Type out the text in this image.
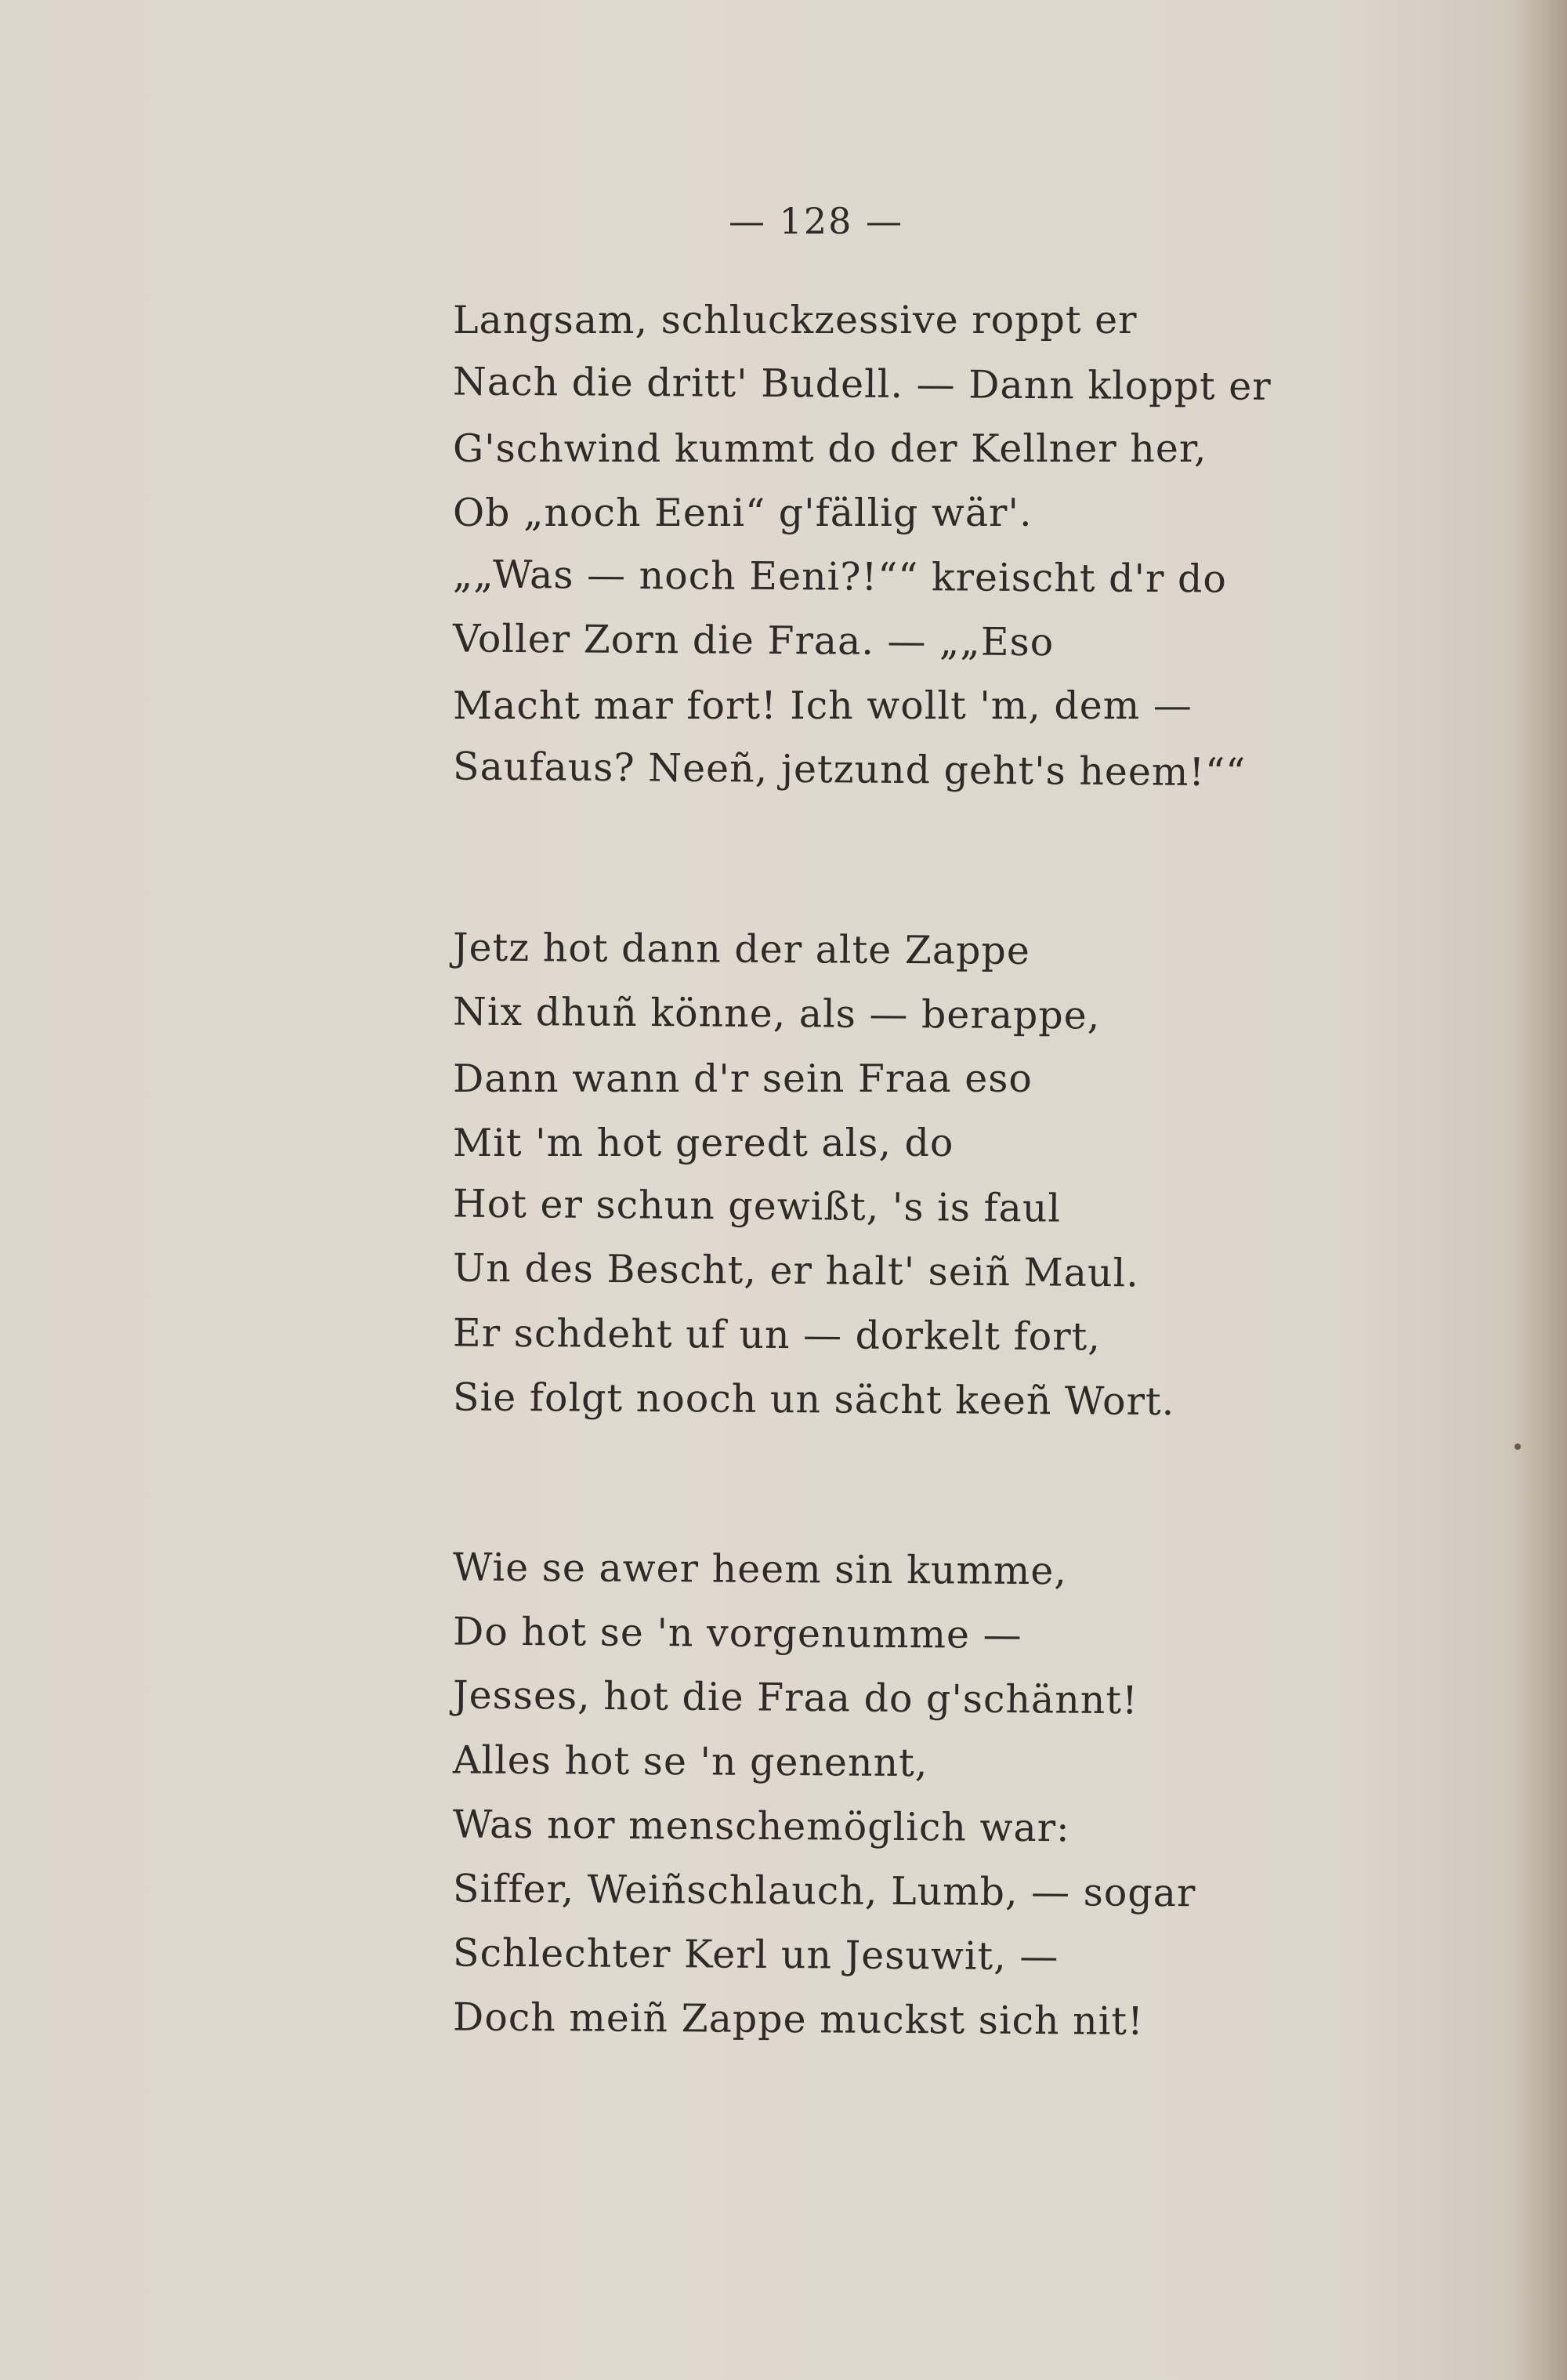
— 128 —
Langsam, schluckzessive roppt er
Nach die dritt' Budell. — Dann kloppt er
G'schwind kummt do der Kellner her,
Ob „noch Eeni“ g'fällig wär'.
„„Was — noch Eeni?!““ kreischt d'r do
Voller Zorn die Fraa. — „„Eso
Macht mar fort! Ich wollt 'm, dem —
Saufaus? Neeñ, jetzund geht's heem!““
Jetz hot dann der alte Zappe
Nix dhuñ könne, als — berappe,
Dann wann d'r sein Fraa eso
Mit 'm hot geredt als, do
Hot er schun gewißt, 's is faul
Un des Bescht, er halt' seiñ Maul.
Er schdeht uf un — dorkelt fort,
Sie folgt nooch un sächt keeñ Wort.
Wie se awer heem sin kumme,
Do hot se 'n vorgenumme —
Jesses, hot die Fraa do g'schännt!
Alles hot se 'n genennt,
Was nor menschemöglich war:
Siffer, Weiñschlauch, Lumb, — sogar
Schlechter Kerl un Jesuwit, —
Doch meiñ Zappe muckst sich nit!
